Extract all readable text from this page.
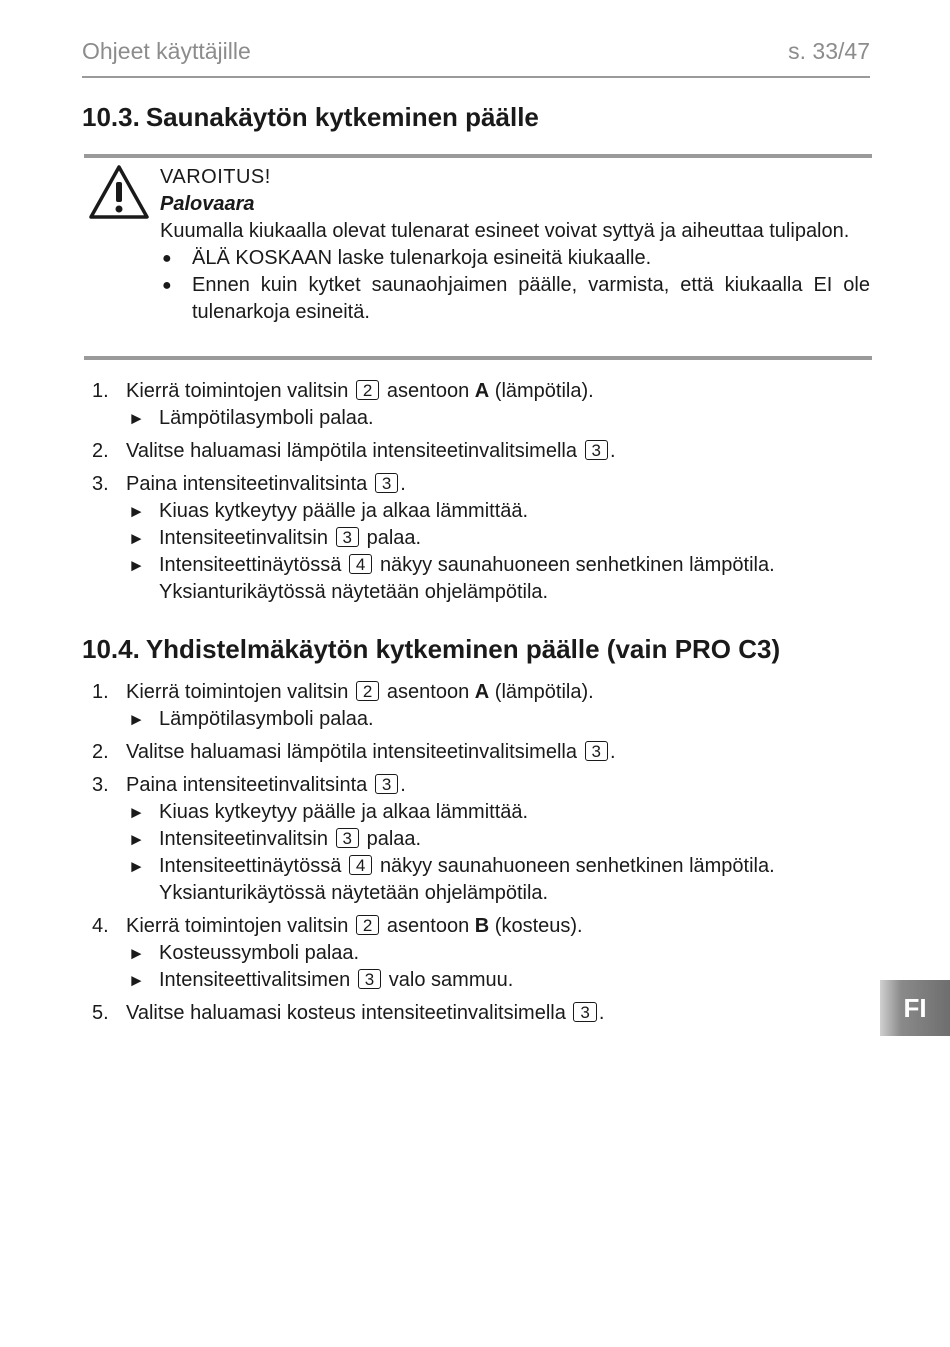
Ohjeet käyttäjille	s. 33/47
10.3. Saunakäytön kytkeminen päälle
VAROITUS!
Palovaara
Kuumalla kiukaalla olevat tulenarat esineet voivat syttyä ja aiheuttaa tulipalon.
● ÄLÄ KOSKAAN laske tulenarkoja esineitä kiukaalle.
● Ennen kuin kytket saunaohjaimen päälle, varmista, että kiukaalla EI ole tulenarkoja esineitä.
1. Kierrä toimintojen valitsin 2 asentoon A (lämpötila).
► Lämpötilasymboli palaa.
2. Valitse haluamasi lämpötila intensiteetinvalitsimella 3 .
3. Paina intensiteetinvalitsinta 3 .
► Kiuas kytkeytyy päälle ja alkaa lämmittää.
► Intensiteetinvalitsin 3 palaa.
► Intensiteettinäytössä 4 näkyy saunahuoneen senhetkinen lämpötila. Yksianturikäytössä näytetään ohjelämpötila.
10.4. Yhdistelmäkäytön kytkeminen päälle (vain PRO C3)
1. Kierrä toimintojen valitsin 2 asentoon A (lämpötila).
► Lämpötilasymboli palaa.
2. Valitse haluamasi lämpötila intensiteetinvalitsimella 3 .
3. Paina intensiteetinvalitsinta 3 .
► Kiuas kytkeytyy päälle ja alkaa lämmittää.
► Intensiteetinvalitsin 3 palaa.
► Intensiteettinäytössä 4 näkyy saunahuoneen senhetkinen lämpötila. Yksianturikäytössä näytetään ohjelämpötila.
4. Kierrä toimintojen valitsin 2 asentoon B (kosteus).
► Kosteussymboli palaa.
► Intensiteettivalitsimen 3 valo sammuu.
5. Valitse haluamasi kosteus intensiteetinvalitsimella 3 .	FI
